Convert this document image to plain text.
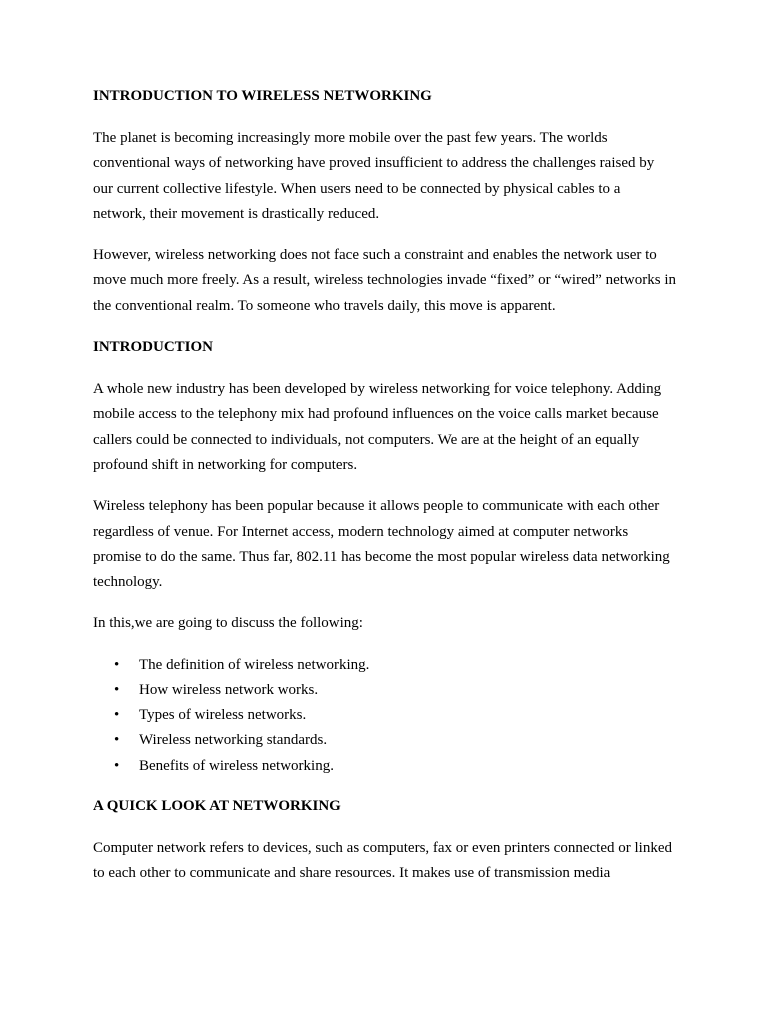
INTRODUCTION TO WIRELESS NETWORKING

The planet is becoming increasingly more mobile over the past few years. The worlds conventional ways of networking have proved insufficient to address the challenges raised by our current collective lifestyle. When users need to be connected by physical cables to a network, their movement is drastically reduced.

However, wireless networking does not face such a constraint and enables the network user to move much more freely. As a result, wireless technologies invade “fixed” or “wired” networks in the conventional realm. To someone who travels daily, this move is apparent.

INTRODUCTION

A whole new industry has been developed by wireless networking for voice telephony. Adding mobile access to the telephony mix had profound influences on the voice calls market because callers could be connected to individuals, not computers. We are at the height of an equally profound shift in networking for computers.

Wireless telephony has been popular because it allows people to communicate with each other regardless of venue. For Internet access, modern technology aimed at computer networks promise to do the same. Thus far, 802.11 has become the most popular wireless data networking technology.

In this,we are going to discuss the following:

• The definition of wireless networking.
• How wireless network works.
• Types of wireless networks.
• Wireless networking standards.
• Benefits of wireless networking.
A QUICK LOOK AT NETWORKING

Computer network refers to devices, such as computers, fax or even printers connected or linked to each other to communicate and share resources. It makes use of transmission media
